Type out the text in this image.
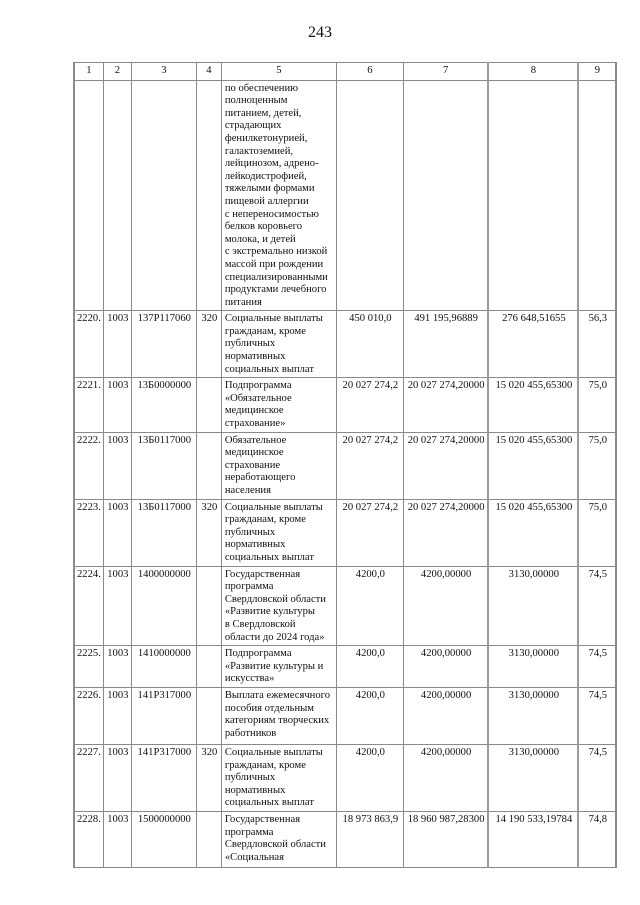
243
1	2	3	4	5	6	7	8	9

по обеспечению
полноценным
питанием, детей,
страдающих
фенилкетонурией,
галактоземией,
лейцинозом, адрено-
лейкодистрофией,
тяжелыми формами
пищевой аллергии
с непереносимостью
белков коровьего
молока, и детей
с экстремально низкой
массой при рождении
специализированными
продуктами лечебного
питания

2220.	1003	137Р117060	320	Социальные выплаты
гражданам, кроме
публичных
нормативных
социальных выплат	450 010,0	491 195,96889	276 648,51655	56,3
2221.	1003	13Б0000000		Подпрограмма
«Обязательное
медицинское
страхование»	20 027 274,2	20 027 274,20000	15 020 455,65300	75,0
2222.	1003	13Б0117000		Обязательное
медицинское
страхование
неработающего
населения	20 027 274,2	20 027 274,20000	15 020 455,65300	75,0
2223.	1003	13Б0117000	320	Социальные выплаты
гражданам, кроме
публичных
нормативных
социальных выплат	20 027 274,2	20 027 274,20000	15 020 455,65300	75,0
2224.	1003	1400000000		Государственная
программа
Свердловской области
«Развитие культуры
в Свердловской
области до 2024 года»
	4200,0	4200,00000	3130,00000	74,5
2225.	1003	1410000000		Подпрограмма
«Развитие культуры и
искусства»	4200,0	4200,00000	3130,00000	74,5
2226.	1003	141Р317000		Выплата ежемесячного
пособия отдельным
категориям творческих
работников	4200,0	4200,00000	3130,00000	74,5
2227.	1003	141Р317000	320	Социальные выплаты
гражданам, кроме
публичных
нормативных
социальных выплат	4200,0	4200,00000	3130,00000	74,5
2228.	1003	1500000000		Государственная
программа
Свердловской области
«Социальная	18 973 863,9	18 960 987,28300	14 190 533,19784	74,8
